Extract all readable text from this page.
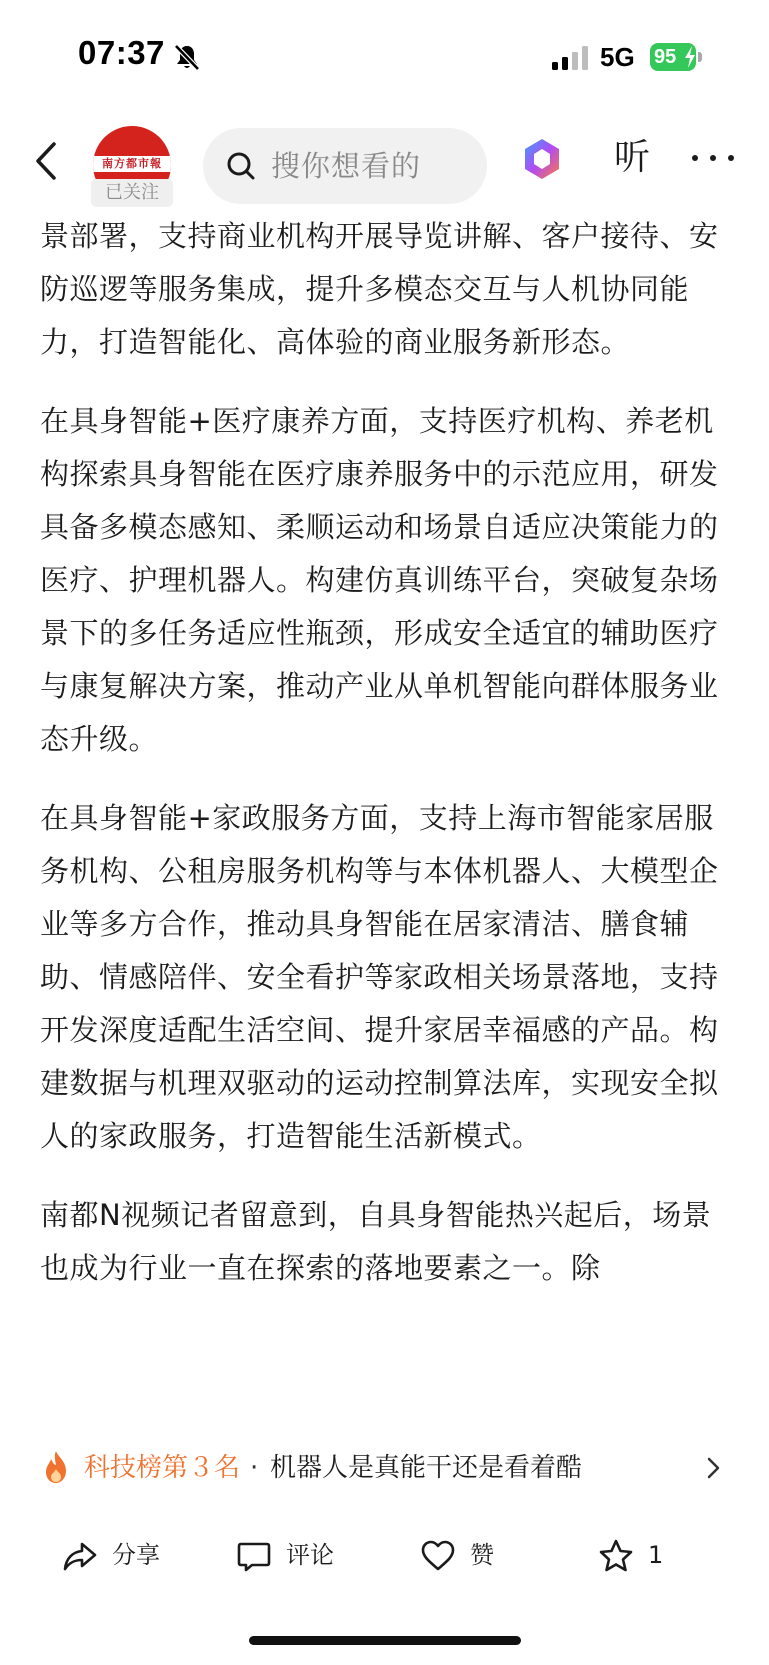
07:37	5G 95
南方都市報
已关注
搜你想看的	听

景部署，支持商业机构开展导览讲解、客户接待、安防巡逻等服务集成，提升多模态交互与人机协同能力，打造智能化、高体验的商业服务新形态。

在具身智能+医疗康养方面，支持医疗机构、养老机构探索具身智能在医疗康养服务中的示范应用，研发具备多模态感知、柔顺运动和场景自适应决策能力的医疗、护理机器人。构建仿真训练平台，突破复杂场景下的多任务适应性瓶颈，形成安全适宜的辅助医疗与康复解决方案，推动产业从单机智能向群体服务业态升级。

在具身智能+家政服务方面，支持上海市智能家居服务机构、公租房服务机构等与本体机器人、大模型企业等多方合作，推动具身智能在居家清洁、膳食辅助、情感陪伴、安全看护等家政相关场景落地，支持开发深度适配生活空间、提升家居幸福感的产品。构建数据与机理双驱动的运动控制算法库，实现安全拟人的家政服务，打造智能生活新模式。

南都N视频记者留意到，自具身智能热兴起后，场景也成为行业一直在探索的落地要素之一。除

科技榜第３名 · 机器人是真能干还是看着酷
分享	评论	赞	1
